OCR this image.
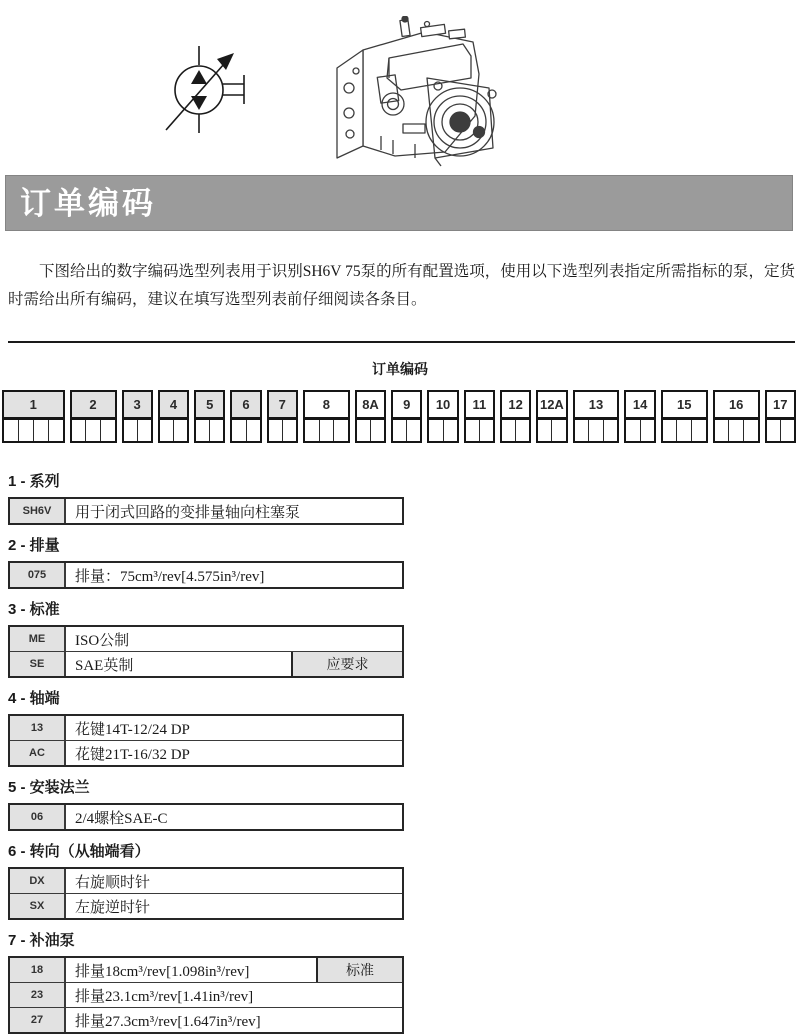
订单编码

下图给出的数字编码选型列表用于识别SH6V 75泵的所有配置选项，使用以下选型列表指定所需指标的泵，定货时需给出所有编码，建议在填写选型列表前仔细阅读各条目。

订单编码
1	2	3	4	5	6	7	8	8A	9	10	11	12	12A	13	14	15	16	17
1 - 系列
SH6V	用于闭式回路的变排量轴向柱塞泵
2 - 排量
075	排量：75cm³/rev[4.575in³/rev]
3 - 标准
ME	ISO公制
SE	SAE英制	应要求
4 - 轴端
13	花键14T-12/24 DP
AC	花键21T-16/32 DP
5 - 安装法兰
06	2/4螺栓SAE-C
6 - 转向（从轴端看）
DX	右旋顺时针
SX	左旋逆时针
7 - 补油泵
18	排量18cm³/rev[1.098in³/rev]	标准
23	排量23.1cm³/rev[1.41in³/rev]
27	排量27.3cm³/rev[1.647in³/rev]
